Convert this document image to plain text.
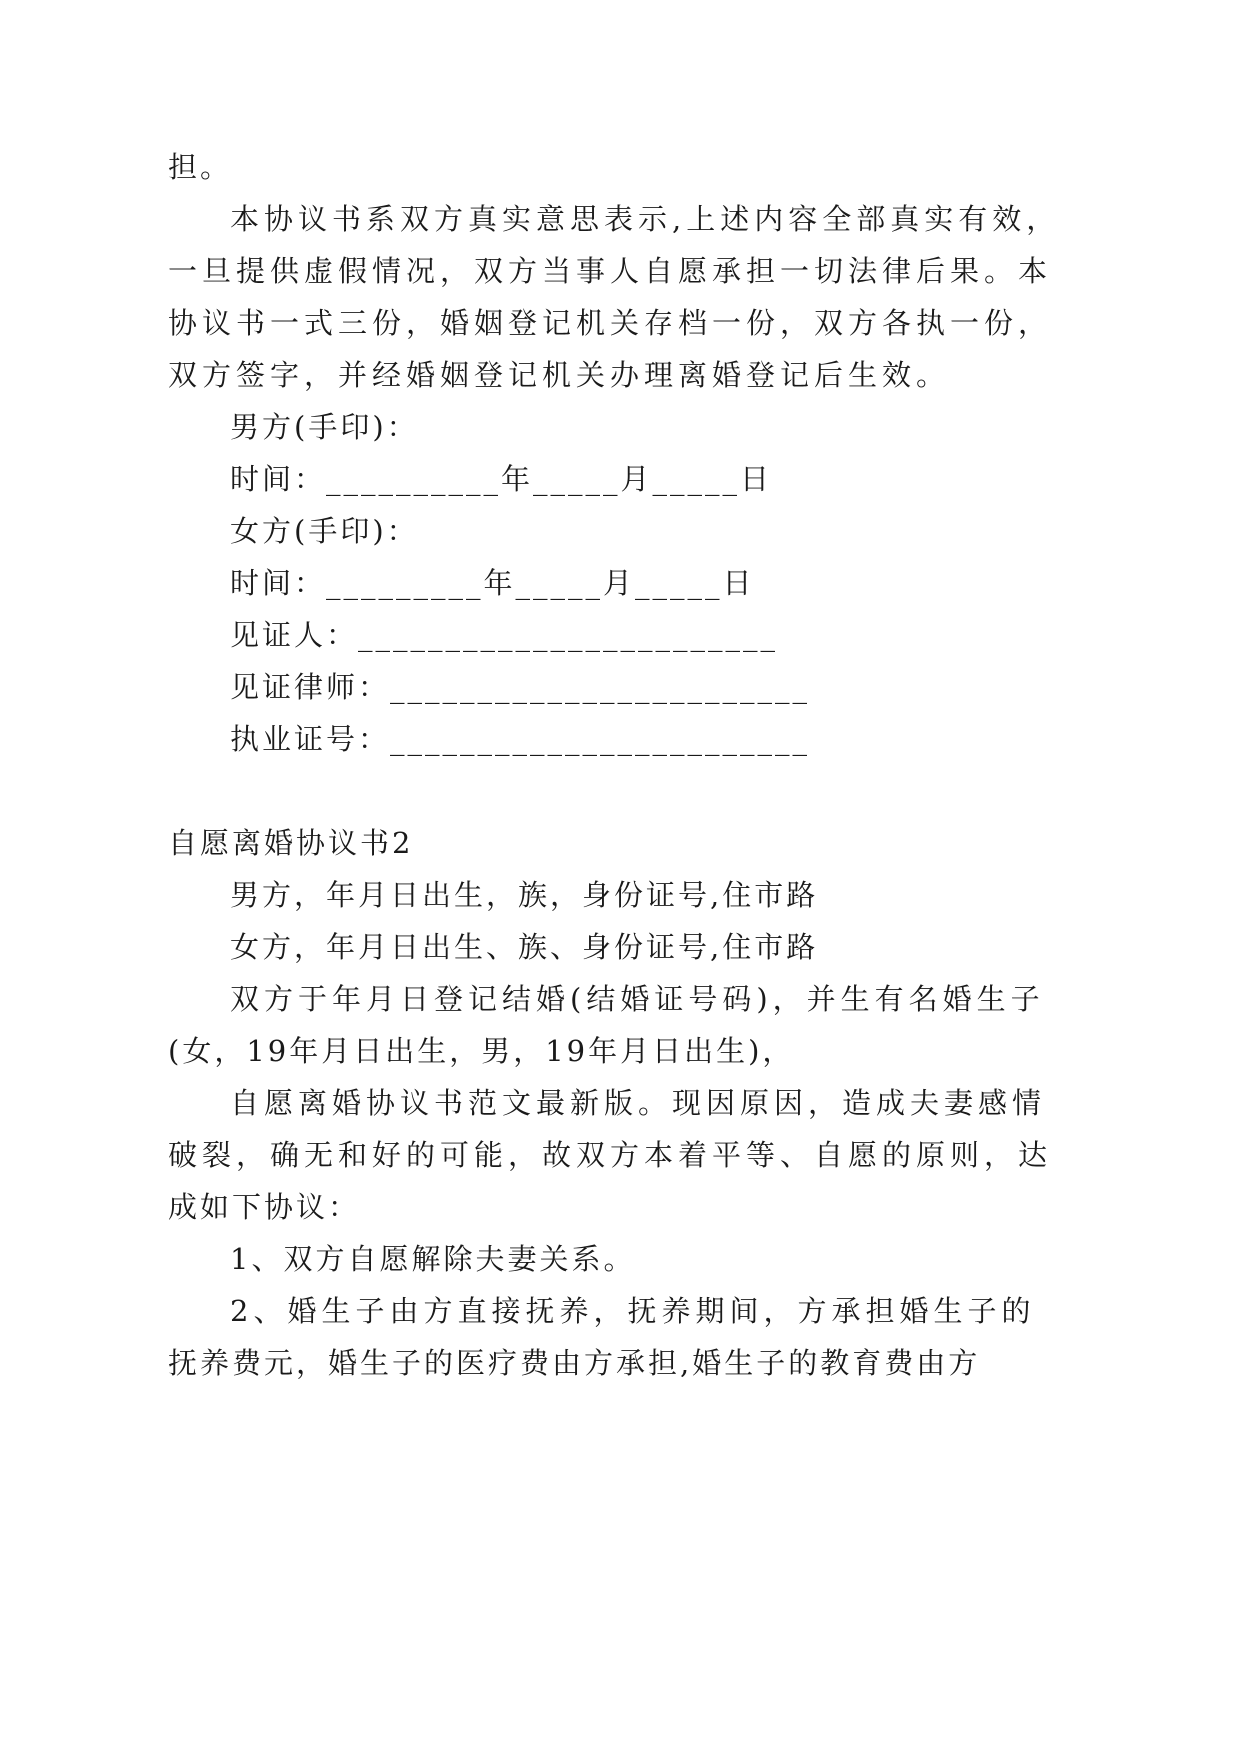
担。
本协议书系双方真实意思表示,上述内容全部真实有效，
一旦提供虚假情况，双方当事人自愿承担一切法律后果。本
协议书一式三份，婚姻登记机关存档一份，双方各执一份，
双方签字，并经婚姻登记机关办理离婚登记后生效。
男方(手印)：
时间：__________年_____月_____日
女方(手印)：
时间：_________年_____月_____日
见证人：________________________
见证律师：________________________
执业证号：________________________
自愿离婚协议书2
男方，年月日出生，族，身份证号,住市路
女方，年月日出生、族、身份证号,住市路
双方于年月日登记结婚(结婚证号码)，并生有名婚生子
(女，19年月日出生，男，19年月日出生)，
自愿离婚协议书范文最新版。现因原因，造成夫妻感情
破裂，确无和好的可能，故双方本着平等、自愿的原则，达
成如下协议：
1、双方自愿解除夫妻关系。
2、婚生子由方直接抚养，抚养期间，方承担婚生子的
抚养费元，婚生子的医疗费由方承担,婚生子的教育费由方
